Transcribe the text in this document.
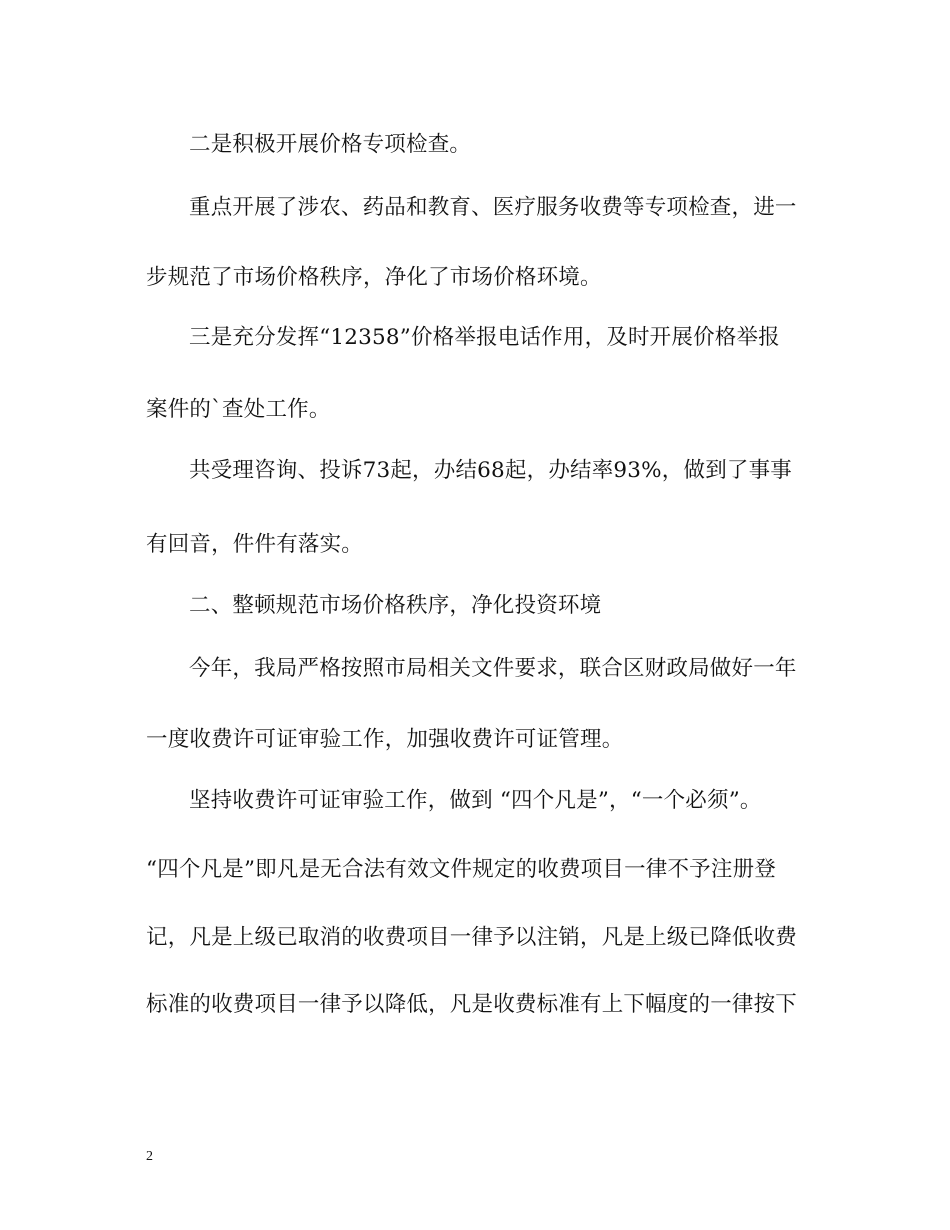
二是积极开展价格专项检查。
重点开展了涉农、药品和教育、医疗服务收费等专项检查，进一
步规范了市场价格秩序，净化了市场价格环境。
三是充分发挥“12358”价格举报电话作用，及时开展价格举报
案件的`查处工作。
共受理咨询、投诉73起，办结68起，办结率93%，做到了事事
有回音，件件有落实。
二、整顿规范市场价格秩序，净化投资环境
今年，我局严格按照市局相关文件要求，联合区财政局做好一年
一度收费许可证审验工作，加强收费许可证管理。
坚持收费许可证审验工作，做到 “四个凡是”，“一个必须”。
“四个凡是”即凡是无合法有效文件规定的收费项目一律不予注册登
记，凡是上级已取消的收费项目一律予以注销，凡是上级已降低收费
标准的收费项目一律予以降低，凡是收费标准有上下幅度的一律按下
2
